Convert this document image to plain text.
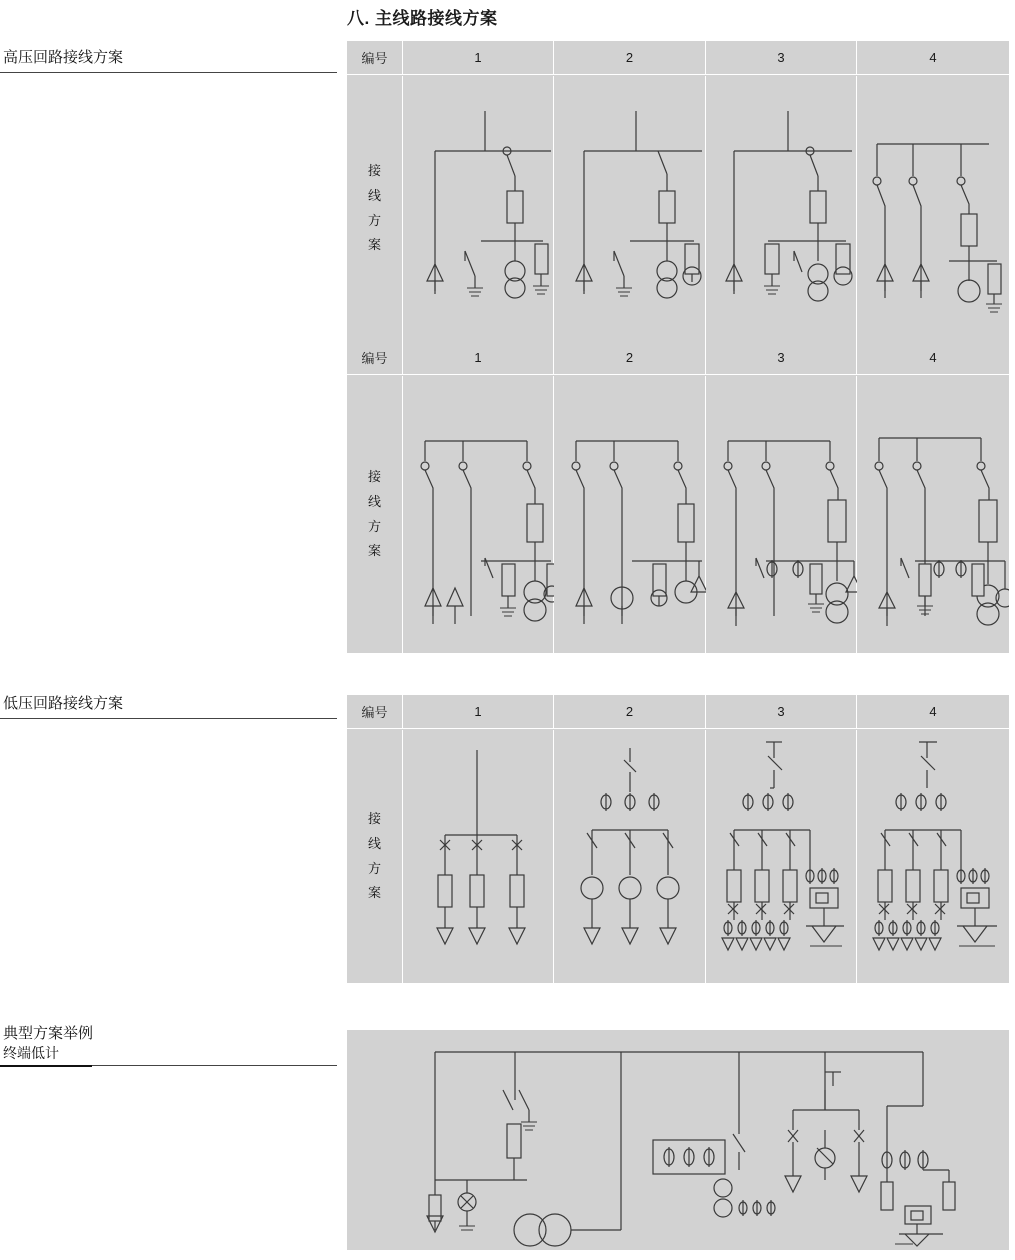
八. 主线路接线方案
高压回路接线方案
低压回路接线方案
典型方案举例
终端低计
编号	1	2	3	4
接
线
方
案
编号	1	2	3	4
接
线
方
案
编号	1	2	3	4
接
线
方
案
